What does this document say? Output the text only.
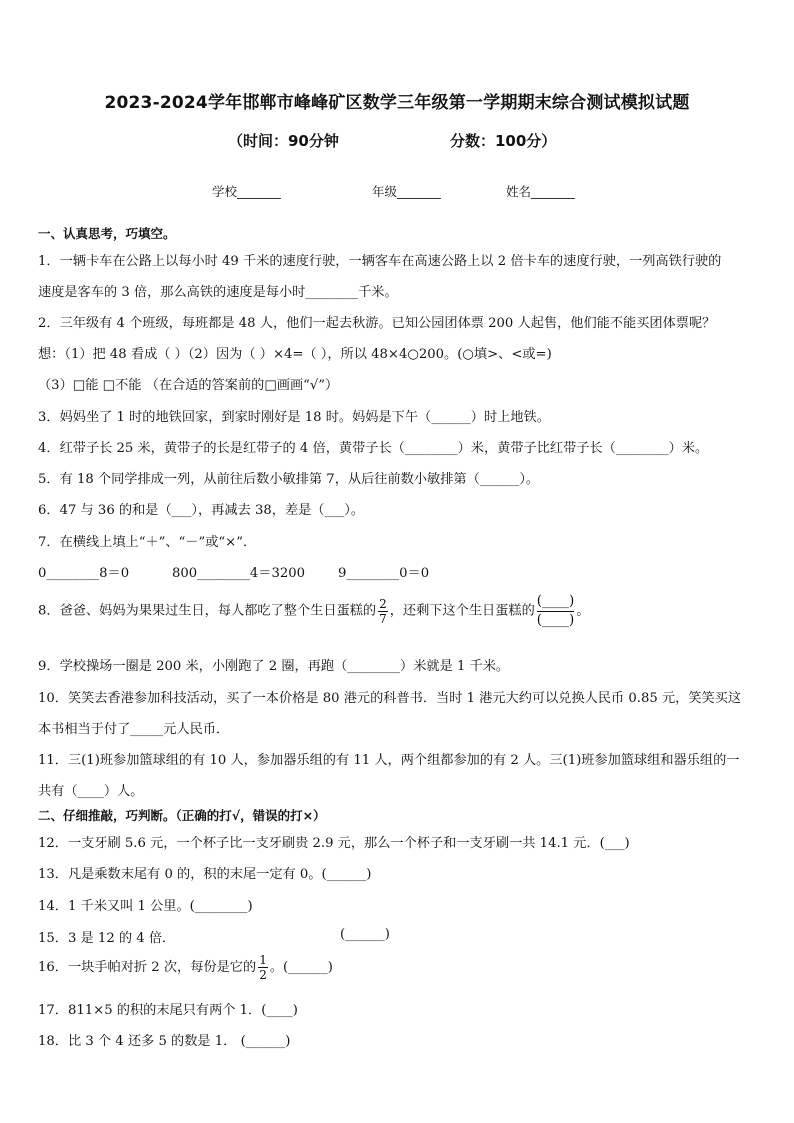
2023-2024学年邯郸市峰峰矿区数学三年级第一学期期末综合测试模拟试题
（时间：90分钟	分数：100分）
学校_______	年级_______	姓名_______
一、认真思考，巧填空。
1．一辆卡车在公路上以每小时 49 千米的速度行驶，一辆客车在高速公路上以 2 倍卡车的速度行驶，一列高铁行驶的
速度是客车的 3 倍，那么高铁的速度是每小时________千米。
2．三年级有 4 个班级，每班都是 48 人，他们一起去秋游。已知公园团体票 200 人起售，他们能不能买团体票呢？
想：（1）把 48 看成（ ）（2）因为（ ）×4=（ ），所以 48×4○200。(○填>、<或=)
（3）□能 □不能 （在合适的答案前的□画画“√”）
3．妈妈坐了 1 时的地铁回家，到家时刚好是 18 时。妈妈是下午（______）时上地铁。
4．红带子长 25 米，黄带子的长是红带子的 4 倍，黄带子长（________）米，黄带子比红带子长（________）米。
5．有 18 个同学排成一列，从前往后数小敏排第 7，从后往前数小敏排第（______）。
6．47 与 36 的和是（___），再减去 38，差是（___）。
7．在横线上填上“＋”、“－”或“×”．
0________8＝0	800________4＝3200 9________0＝0
8．爸爸、妈妈为果果过生日，每人都吃了整个生日蛋糕的 $\frac{2}{7}$ ，还剩下这个生日蛋糕的
(____)
(____)
。
9．学校操场一圈是 200 米，小刚跑了 2 圈，再跑（________）米就是 1 千米。
10．笑笑去香港参加科技活动，买了一本价格是 80 港元的科普书．当时 1 港元大约可以兑换人民币 0.85 元，笑笑买这
本书相当于付了_____元人民币．
11．三(1)班参加篮球组的有 10 人，参加器乐组的有 11 人，两个组都参加的有 2 人。三(1)班参加篮球组和器乐组的一
共有（____）人。
二、仔细推敲，巧判断。（正确的打√，错误的打×）
12．一支牙刷 5.6 元，一个杯子比一支牙刷贵 2.9 元，那么一个杯子和一支牙刷一共 14.1 元．(___)
13．凡是乘数末尾有 0 的，积的末尾一定有 0。(______)
14．1 千米又叫 1 公里。(________)
15．3 是 12 的 4 倍．	(______)
16．一块手帕对折 2 次，每份是它的 $\frac{1}{2}$ 。(______)
17．811×5 的积的末尾只有两个 1．(____)
18．比 3 个 4 还多 5 的数是 1． (______)
